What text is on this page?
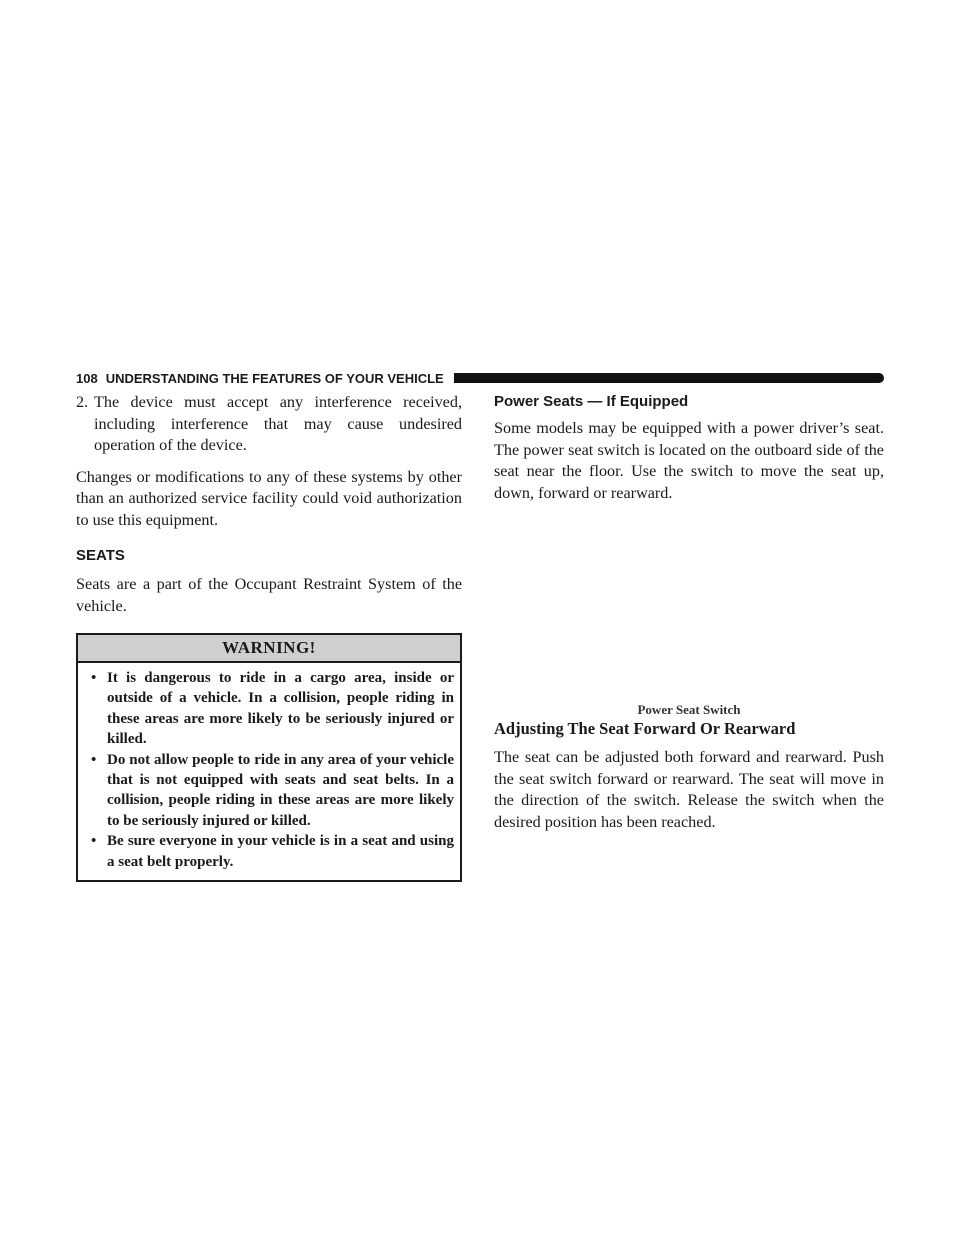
108 UNDERSTANDING THE FEATURES OF YOUR VEHICLE
2. The device must accept any interference received, including interference that may cause undesired operation of the device.

Changes or modifications to any of these systems by other than an authorized service facility could void authorization to use this equipment.

SEATS

Seats are a part of the Occupant Restraint System of the vehicle.

WARNING!
• It is dangerous to ride in a cargo area, inside or outside of a vehicle. In a collision, people riding in these areas are more likely to be seriously injured or killed.
• Do not allow people to ride in any area of your vehicle that is not equipped with seats and seat belts. In a collision, people riding in these areas are more likely to be seriously injured or killed.
• Be sure everyone in your vehicle is in a seat and using a seat belt properly.
Power Seats — If Equipped

Some models may be equipped with a power driver’s seat. The power seat switch is located on the outboard side of the seat near the floor. Use the switch to move the seat up, down, forward or rearward.

Power Seat Switch
Adjusting The Seat Forward Or Rearward

The seat can be adjusted both forward and rearward. Push the seat switch forward or rearward. The seat will move in the direction of the switch. Release the switch when the desired position has been reached.
